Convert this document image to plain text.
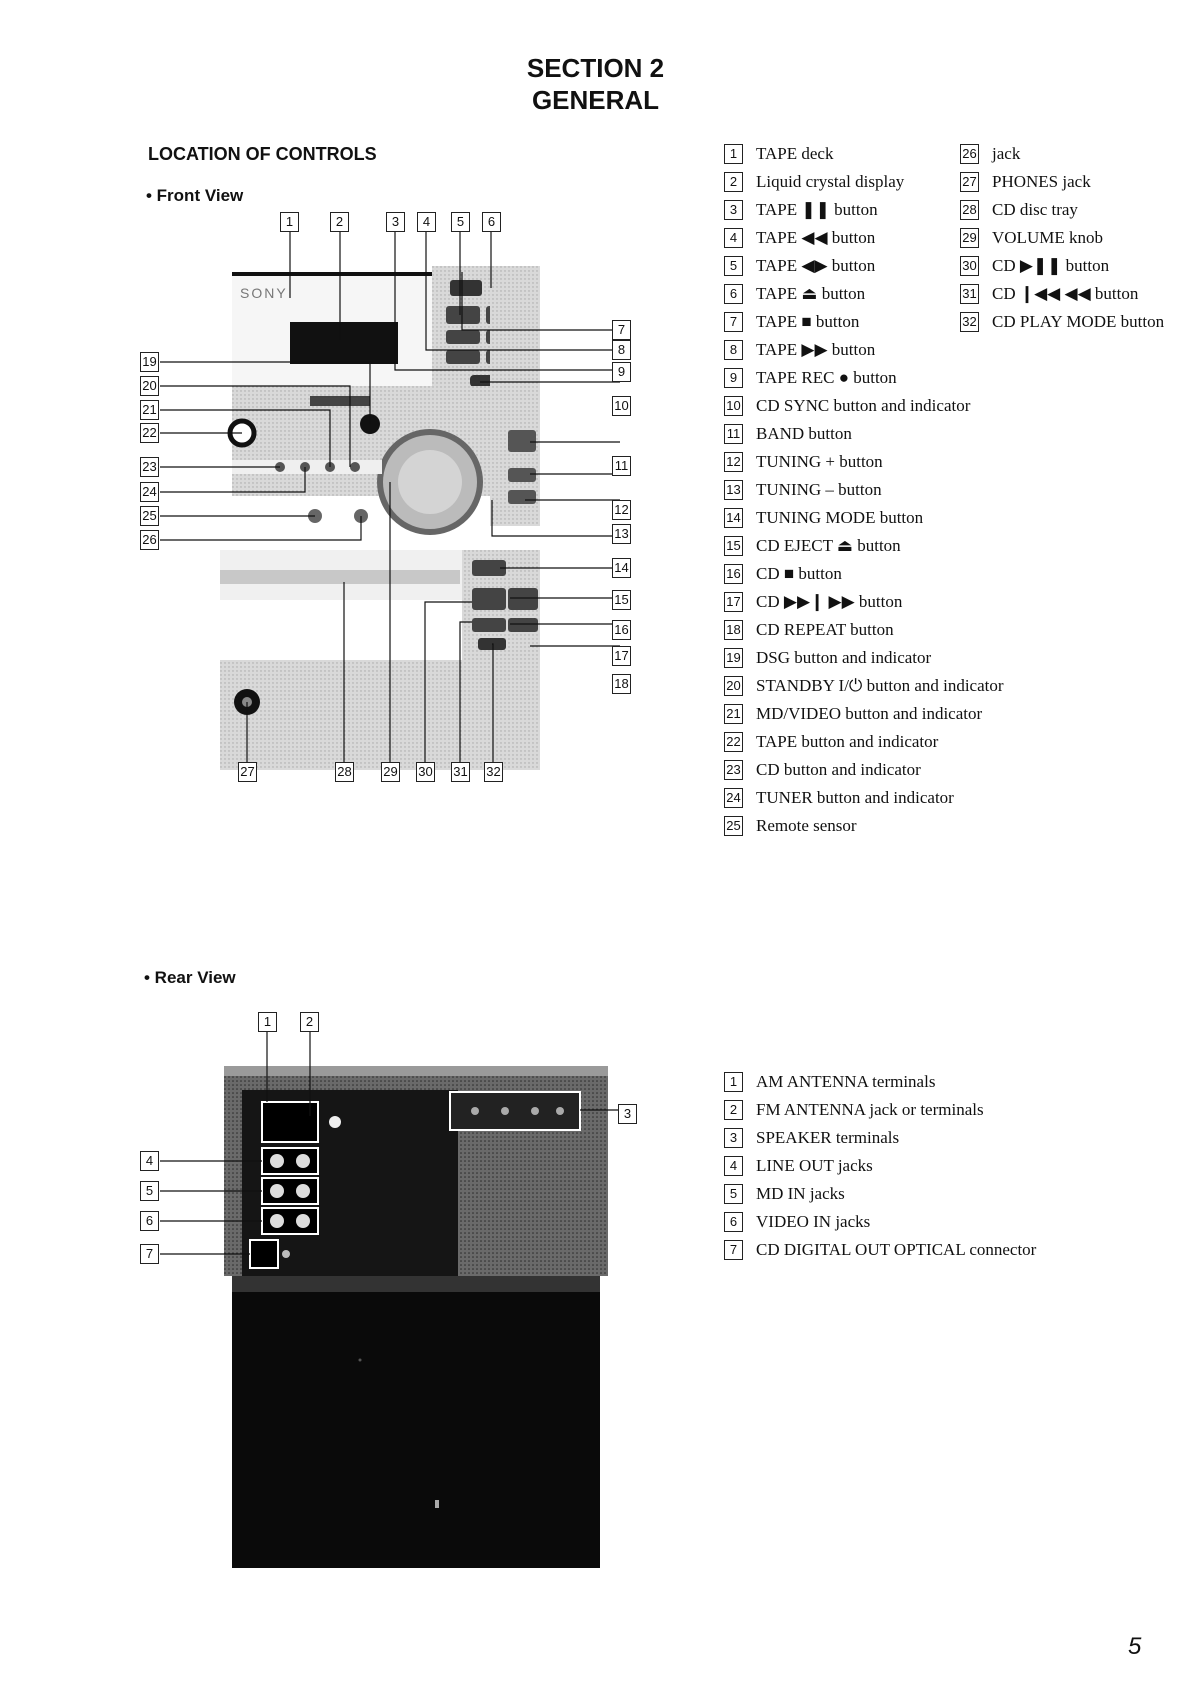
SECTION 2
GENERAL
LOCATION OF CONTROLS
• Front View
SONY
1	2	3	4	5	6
7
8
9
10
11
12
13
14
15
16
17
18
19
20
21
22
23
24
25
26
27	28 29 30 31 32
1	TAPE deck
2	Liquid crystal display
3	TAPE ❚❚ button
4	TAPE ◀◀ button
5	TAPE ◀▶ button
6	TAPE ⏏ button
7	TAPE ■ button
8	TAPE ▶▶ button
9	TAPE REC ● button
10 CD SYNC button and indicator
11 BAND button
12 TUNING + button
13 TUNING – button
14 TUNING MODE button
15 CD EJECT ⏏ button
16 CD ■ button
17 CD ▶▶❙ ▶▶ button
18 CD REPEAT button
19 DSG button and indicator
20 STANDBY I/⏻ button and indicator
21 MD/VIDEO button and indicator
22 TAPE button and indicator
23 CD button and indicator
24 TUNER button and indicator
25 Remote sensor
26 jack
27 PHONES jack
28 CD disc tray
29 VOLUME knob
30 CD ▶❚❚ button
31 CD ❙◀◀ ◀◀ button
32 CD PLAY MODE button
• Rear View
1	2
3
4
5
6
7
1	AM ANTENNA terminals
2	FM ANTENNA jack or terminals
3	SPEAKER terminals
4	LINE OUT jacks
5	MD IN jacks
6	VIDEO IN jacks
7	CD DIGITAL OUT OPTICAL connector
5
